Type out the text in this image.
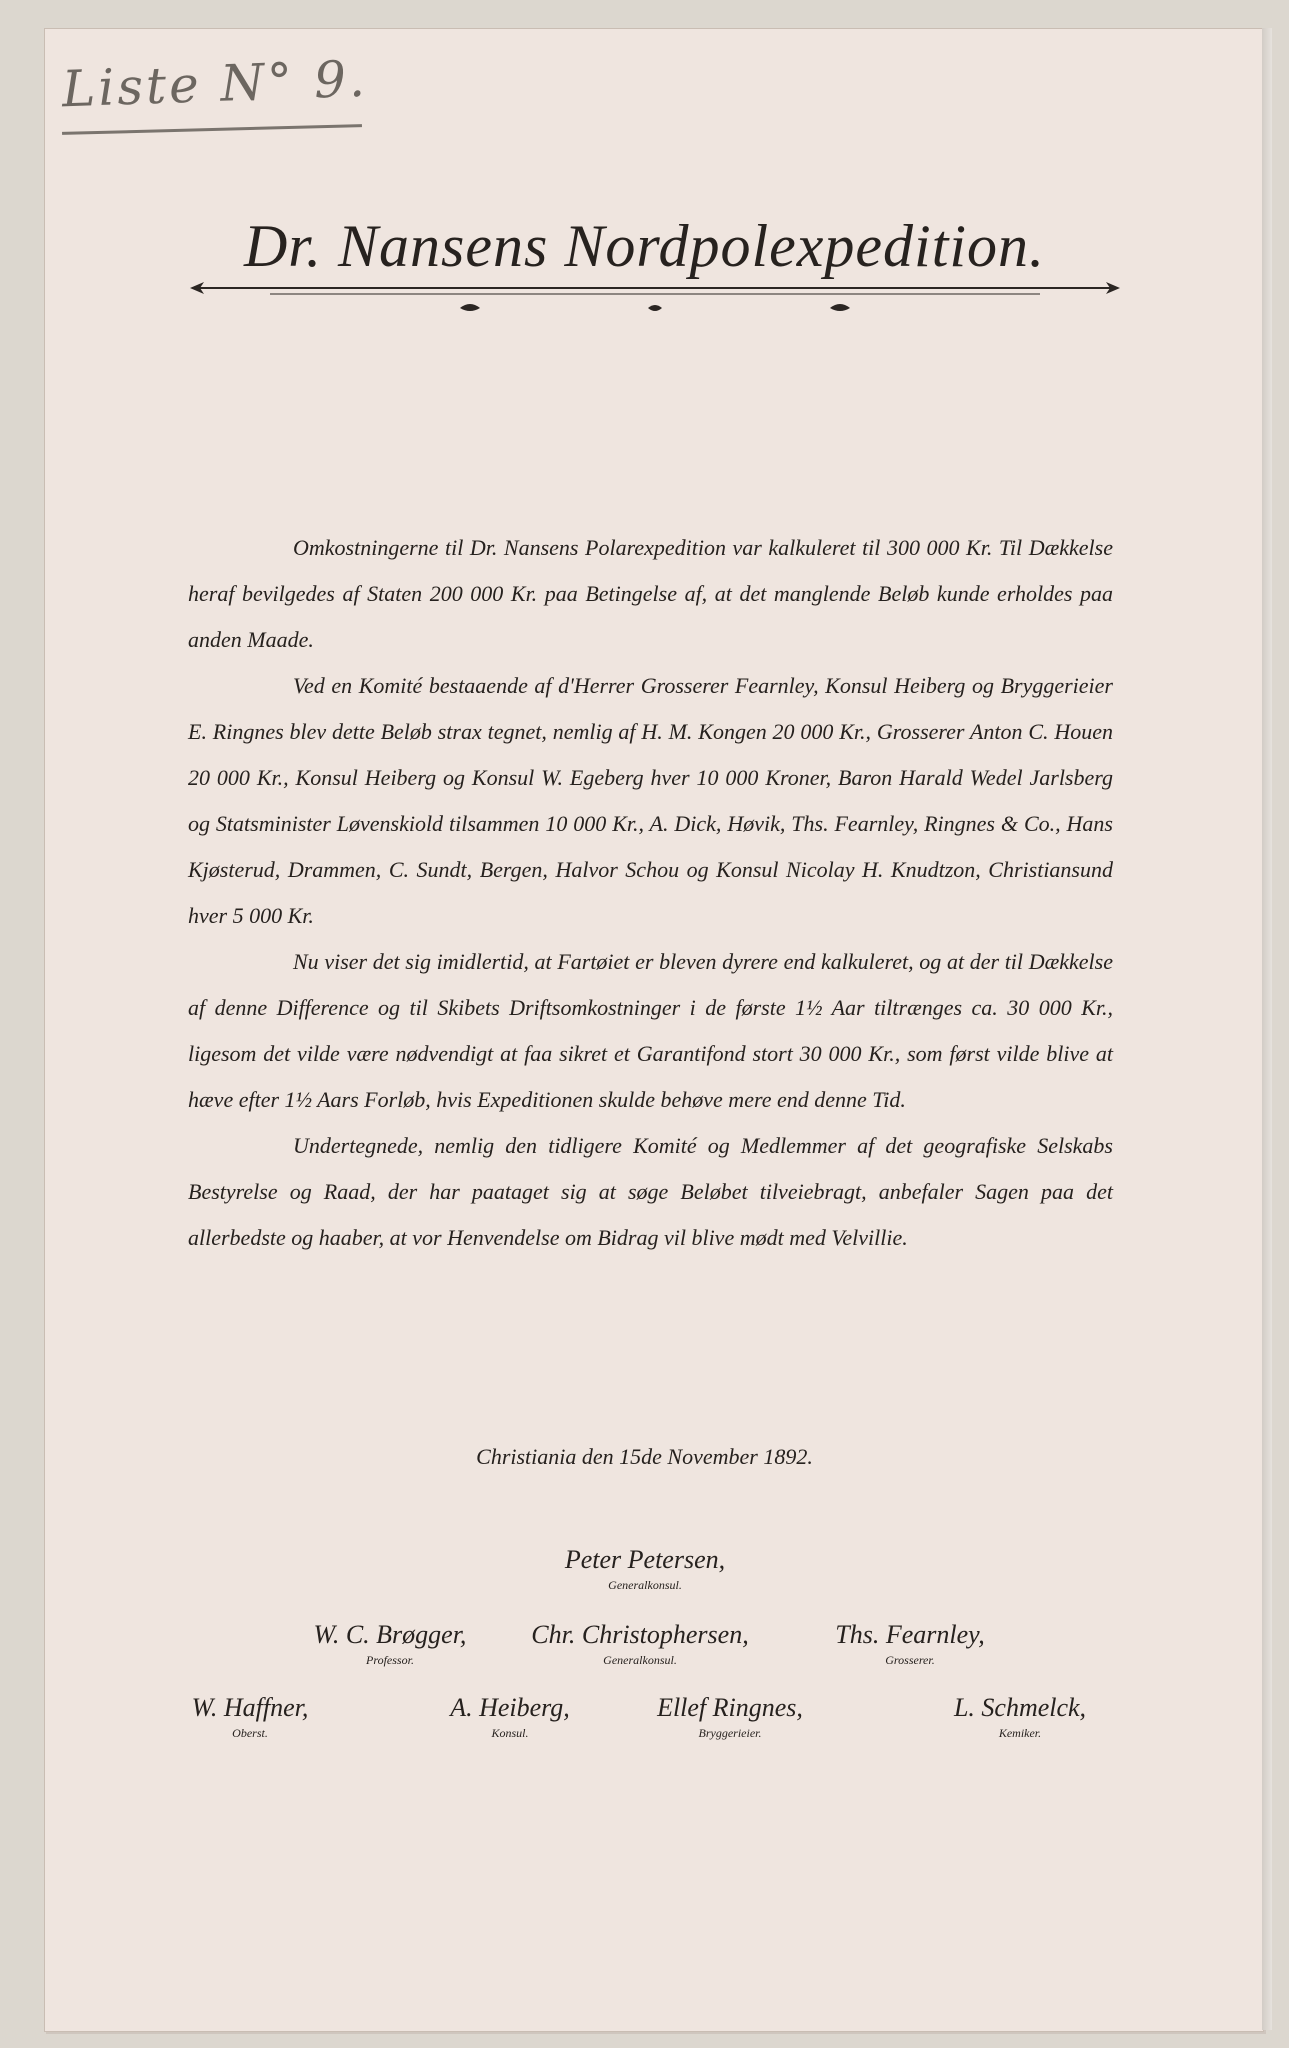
Liste N° 9.
Dr. Nansens Nordpolexpedition.

Omkostningerne til Dr. Nansens Polarexpedition var kalkuleret til 300 000 Kr. Til Dækkelse heraf bevilgedes af Staten 200 000 Kr. paa Betingelse af, at det manglende Beløb kunde erholdes paa anden Maade.

Ved en Komité bestaaende af d'Herrer Grosserer Fearnley, Konsul Heiberg og Bryggerieier E. Ringnes blev dette Beløb strax tegnet, nemlig af H. M. Kongen 20 000 Kr., Grosserer Anton C. Houen 20 000 Kr., Konsul Heiberg og Konsul W. Egeberg hver 10 000 Kroner, Baron Harald Wedel Jarlsberg og Statsminister Løvenskiold tilsammen 10 000 Kr., A. Dick, Høvik, Ths. Fearnley, Ringnes & Co., Hans Kjøsterud, Drammen, C. Sundt, Bergen, Halvor Schou og Konsul Nicolay H. Knudtzon, Christiansund hver 5 000 Kr.

Nu viser det sig imidlertid, at Fartøiet er bleven dyrere end kalkuleret, og at der til Dækkelse af denne Difference og til Skibets Driftsomkostninger i de første 1½ Aar tiltrænges ca. 30 000 Kr., ligesom det vilde være nødvendigt at faa sikret et Garantifond stort 30 000 Kr., som først vilde blive at hæve efter 1½ Aars Forløb, hvis Expeditionen skulde behøve mere end denne Tid.

Undertegnede, nemlig den tidligere Komité og Medlemmer af det geografiske Selskabs Bestyrelse og Raad, der har paataget sig at søge Beløbet tilveiebragt, anbefaler Sagen paa det allerbedste og haaber, at vor Henvendelse om Bidrag vil blive mødt med Velvillie.

Christiania den 15de November 1892.
Peter Petersen,
Generalkonsul.
W. C. Brøgger,
Professor.
Chr. Christophersen,
Generalkonsul.
Ths. Fearnley,
Grosserer.
W. Haffner,
Oberst.
A. Heiberg,
Konsul.
Ellef Ringnes,
Bryggerieier.
L. Schmelck,
Kemiker.
